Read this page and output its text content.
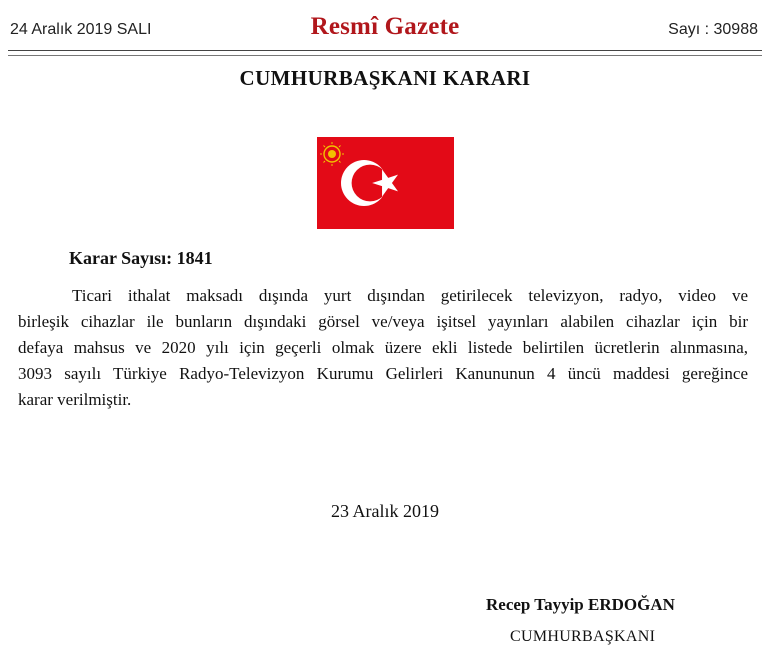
24 Aralık 2019 SALI	Resmî Gazete	Sayı : 30988
CUMHURBAŞKANI KARARI
Karar Sayısı: 1841
Ticari ithalat maksadı dışında yurt dışından getirilecek televizyon, radyo, video ve
birleşik cihazlar ile bunların dışındaki görsel ve/veya işitsel yayınları alabilen cihazlar için bir
defaya mahsus ve 2020 yılı için geçerli olmak üzere ekli listede belirtilen ücretlerin alınmasına,
3093 sayılı Türkiye Radyo-Televizyon Kurumu Gelirleri Kanununun 4 üncü maddesi gereğince
karar verilmiştir.
23 Aralık 2019
Recep Tayyip ERDOĞAN
CUMHURBAŞKANI
